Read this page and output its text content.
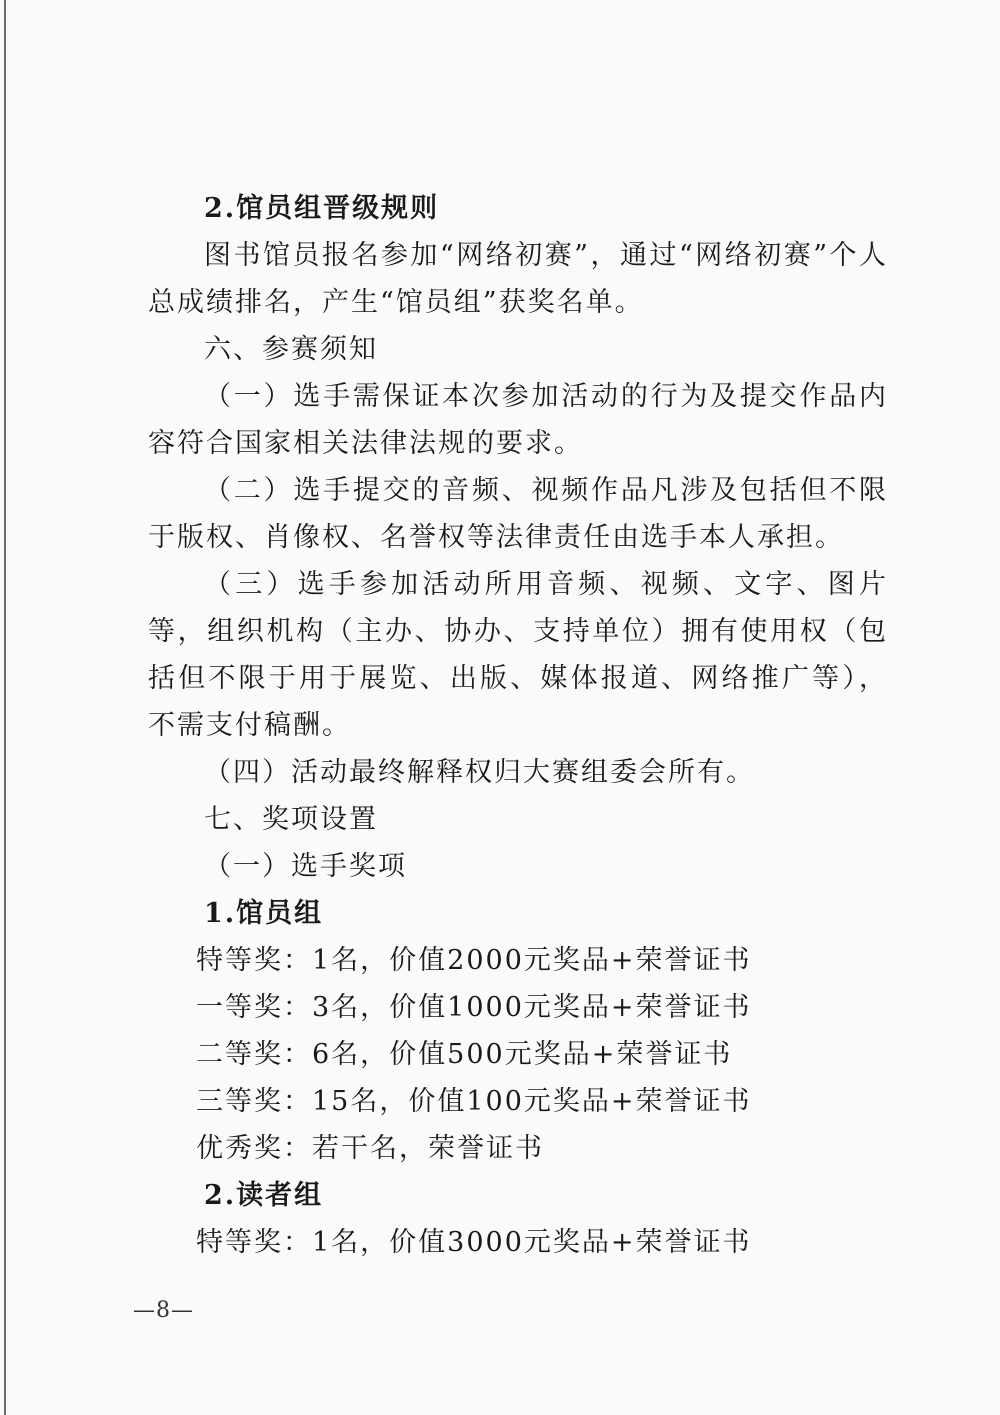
2.馆员组晋级规则

图书馆员报名参加“网络初赛”，通过“网络初赛”个人总成绩排名，产生“馆员组”获奖名单。

六、参赛须知

（一）选手需保证本次参加活动的行为及提交作品内容符合国家相关法律法规的要求。

（二）选手提交的音频、视频作品凡涉及包括但不限于版权、肖像权、名誉权等法律责任由选手本人承担。

（三）选手参加活动所用音频、视频、文字、图片等，组织机构（主办、协办、支持单位）拥有使用权（包括但不限于用于展览、出版、媒体报道、网络推广等），不需支付稿酬。

（四）活动最终解释权归大赛组委会所有。

七、奖项设置

（一）选手奖项

1.馆员组

特等奖：1名，价值2000元奖品+荣誉证书

一等奖：3名，价值1000元奖品+荣誉证书

二等奖：6名，价值500元奖品+荣誉证书

三等奖：15名，价值100元奖品+荣誉证书

优秀奖：若干名，荣誉证书

2.读者组

特等奖：1名，价值3000元奖品+荣誉证书

—8—
